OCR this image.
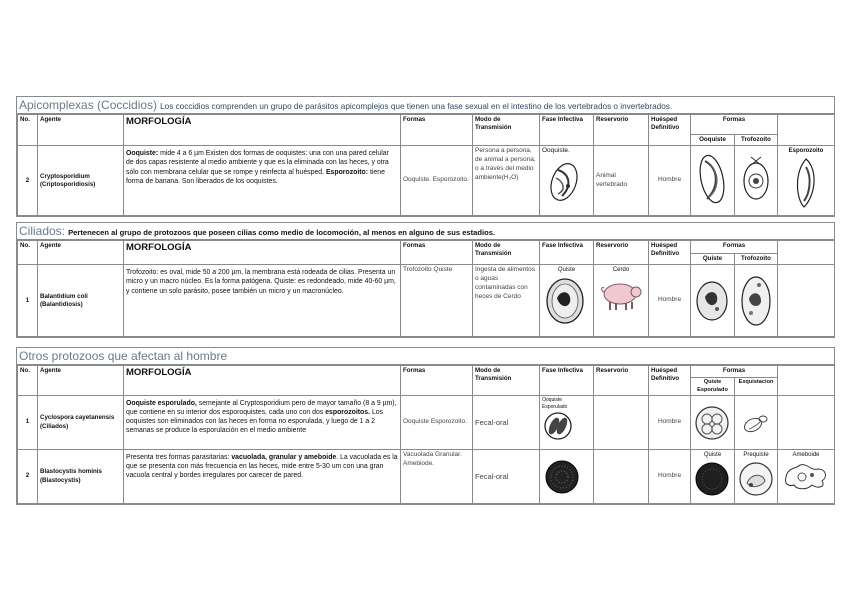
Apicomplexas (Coccidios) Los coccidios comprenden un grupo de parásitos apicomplejos que tienen una fase sexual en el intestino de los vertebrados o invertebrados.
No.	Agente	MORFOLOGÍA	Formas	Modo de Transmisión	Fase Infectiva	Reservorio	Huésped Definitivo	Formas		
								Ooquiste	Trofozoíto	
2	Cryptosporidium (Criptosporidiosis)	Ooquiste: mide 4 a 6 µm Existen dos formas de ooquistes: una con una pared celular de dos capas resistente al medio ambiente y que es la eliminada con las heces, y otra sólo con membrana celular que se rompe y reinfecta al huésped. Esporozoito: tiene forma de banana. Son liberados de los ooquistes.	Ooquiste. Esporozoito.	Persona a persona, de animal a persona, o a través del medio ambiente(H₂O)	Ooquiste.	Animal vertebrado	Hombre			Esporozoito
Ciliados: Pertenecen al grupo de protozoos que poseen cilias como medio de locomoción, al menos en alguno de sus estadios.
No.	Agente	MORFOLOGÍA	Formas	Modo de Transmisión	Fase Infectiva	Reservorio	Huésped Definitivo	Formas		
								Quiste	Trofozoito	
1	Balantidium coli (Balantidiosis)	Trofozoito: es oval, mide 50 a 200 µm, la membrana está rodeada de cilias. Presenta un micro y un macro núcleo. Es la forma patógena. Quiste: es redondeado, mide 40-60 µm, y contiene un solo parásito, posee también un micro y un macronúcleo.	Trofozoito Quiste	Ingesta de alimentos o aguas contaminadas con heces de Cerdo	Quiste	Cerdo	Hombre	

Otros protozoos que afectan al hombre
No.	Agente	MORFOLOGÍA	Formas	Modo de Transmisión	Fase Infectiva	Reservorio	Huésped Definitivo	Formas		
								Quiste Esporulado	Exquistacion	
1	Cyclospora cayetanensis (Ciliados)	Ooquiste esporulado, semejante al Cryptosporidium pero de mayor tamaño (8 a 9 µm), que contiene en su interior dos esporoquistes, cada uno con dos esporozoitos. Los ooquistes son eliminados con las heces en forma no esporulada, y luego de 1 a 2 semanas se produce la esporulación en el medio ambiente	Ooquiste Esporozoito.	Fecal-oral	Ooquiste Esporulado		Hombre	

2	Blastocystis hominis (Blastocystis)	Presenta tres formas parasitarias: vacuolada, granular y ameboide. La vacuolada es la que se presenta con más frecuencia en las heces, mide entre 5-30 um con una gran vacuola central y bordes irregulares por carecer de pared.	Vacuolada Granular. Amebiode.	Fecal-oral			Hombre	Quiste	Prequiste	Ameboide
